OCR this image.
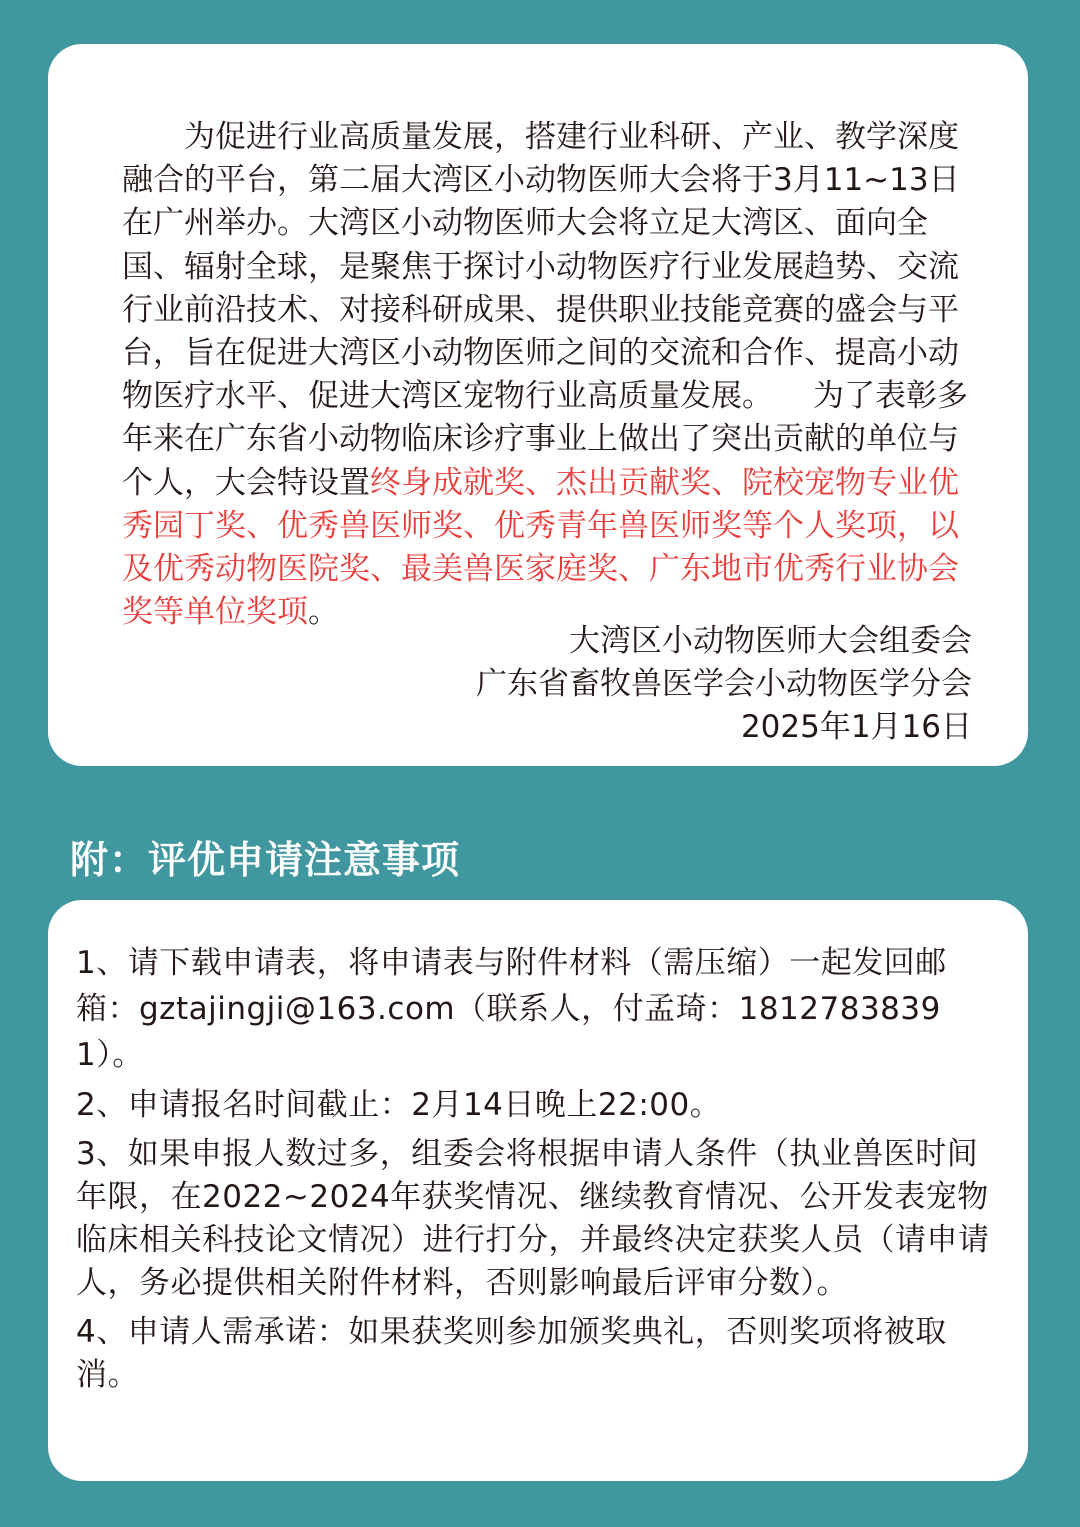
为促进行业高质量发展，搭建行业科研、产业、教学深度融合的平台，第二届大湾区小动物医师大会将于3月11~13日在广州举办。大湾区小动物医师大会将立足大湾区、面向全国、辐射全球，是聚焦于探讨小动物医疗行业发展趋势、交流行业前沿技术、对接科研成果、提供职业技能竞赛的盛会与平台，旨在促进大湾区小动物医师之间的交流和合作、提高小动物医疗水平、促进大湾区宠物行业高质量发展。 为了表彰多年来在广东省小动物临床诊疗事业上做出了突出贡献的单位与个人，大会特设置终身成就奖、杰出贡献奖、院校宠物专业优秀园丁奖、优秀兽医师奖、优秀青年兽医师奖等个人奖项，以及优秀动物医院奖、最美兽医家庭奖、广东地市优秀行业协会奖等单位奖项。

大湾区小动物医师大会组委会
广东省畜牧兽医学会小动物医学分会
2025年1月16日
附：评优申请注意事项
1、请下载申请表，将申请表与附件材料（需压缩）一起发回邮箱：gztajingji@163.com（联系人，付孟琦：18127838391）。
2、申请报名时间截止：2月14日晚上22:00。
3、如果申报人数过多，组委会将根据申请人条件（执业兽医时间年限，在2022~2024年获奖情况、继续教育情况、公开发表宠物临床相关科技论文情况）进行打分，并最终决定获奖人员（请申请人，务必提供相关附件材料，否则影响最后评审分数）。
4、申请人需承诺：如果获奖则参加颁奖典礼，否则奖项将被取消。
